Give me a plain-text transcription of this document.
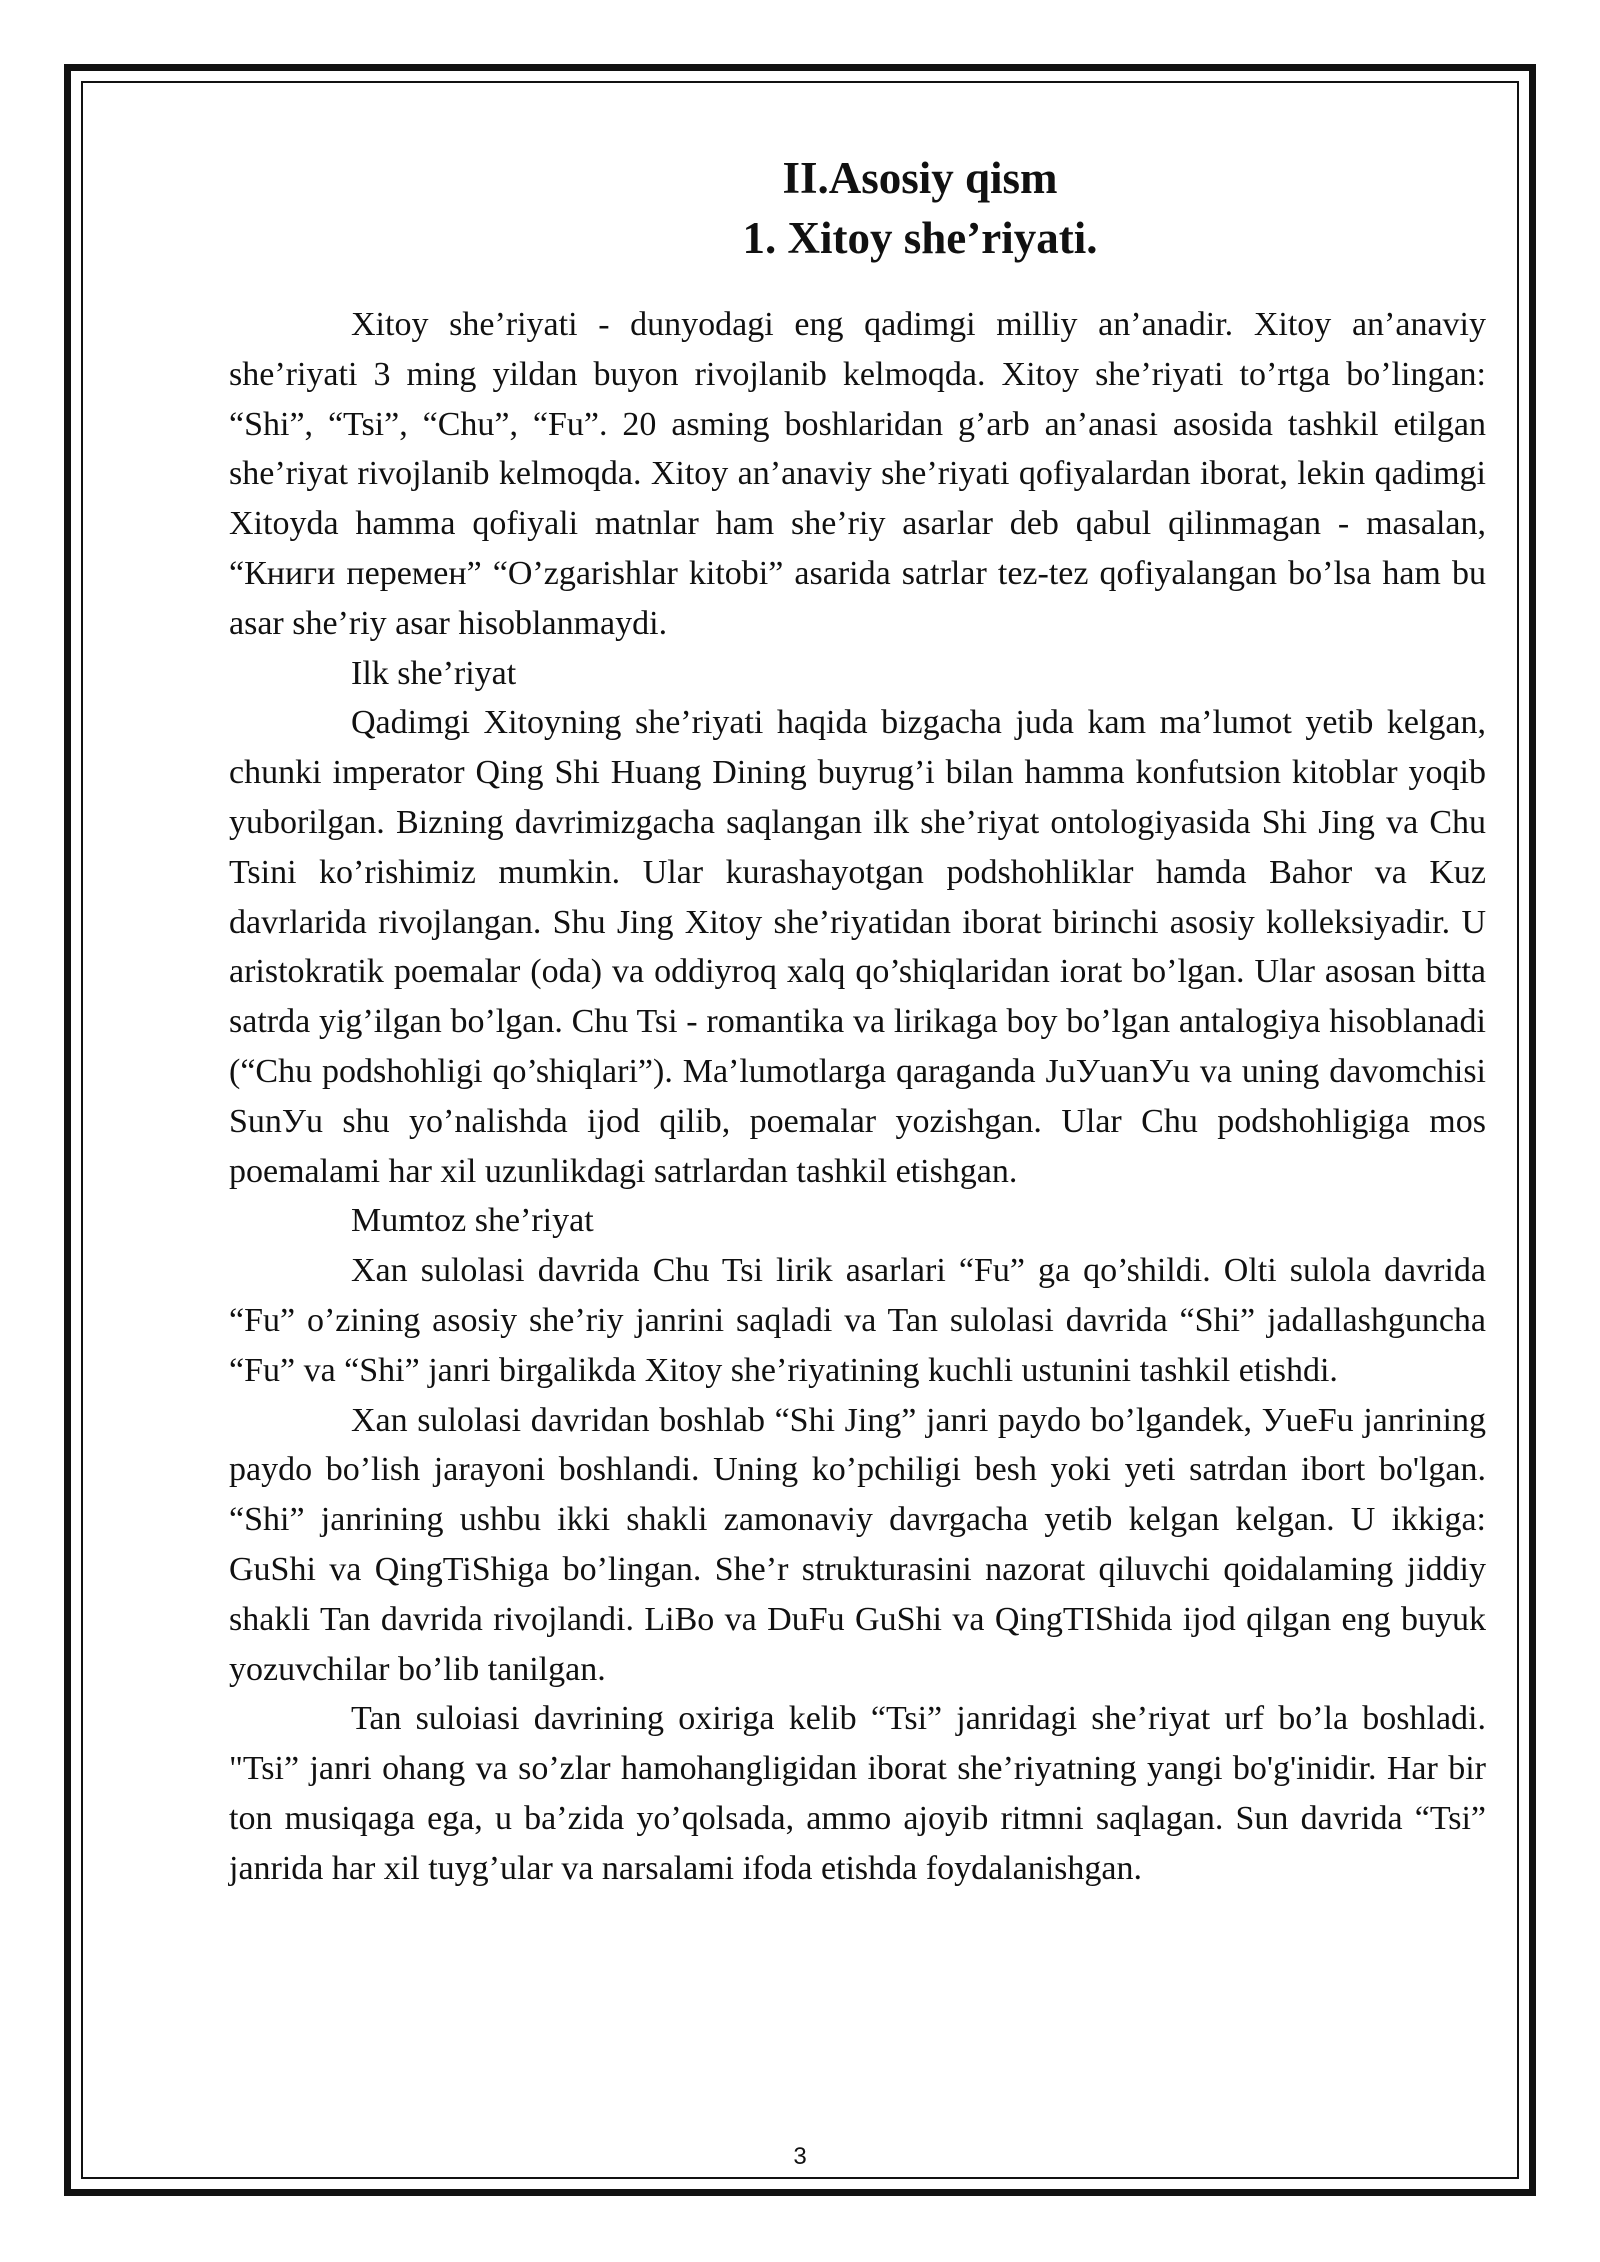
II.Asosiy qism
1. Xitoy she’riyati.

Xitoy she’riyati - dunyodagi eng qadimgi milliy an’anadir. Xitoy an’anaviy she’riyati 3 ming yildan buyon rivojlanib kelmoqda. Xitoy she’riyati to’rtga bo’lingan: “Shi”, “Tsi”, “Chu”, “Fu”. 20 asming boshlaridan g’arb an’anasi asosida tashkil etilgan she’riyat rivojlanib kelmoqda. Xitoy an’anaviy she’riyati qofiyalardan iborat, lekin qadimgi Xitoyda hamma qofiyali matnlar ham she’riy asarlar deb qabul qilinmagan - masalan, “Книги перемен” “O’zgarishlar kitobi” asarida satrlar tez-tez qofiyalangan bo’lsa ham bu asar she’riy asar hisoblanmaydi.

Ilk she’riyat

Qadimgi Xitoyning she’riyati haqida bizgacha juda kam ma’lumot yetib kelgan, chunki imperator Qing Shi Huang Dining buyrug’i bilan hamma konfutsion kitoblar yoqib yuborilgan. Bizning davrimizgacha saqlangan ilk she’riyat ontologiyasida Shi Jing va Chu Tsini ko’rishimiz mumkin. Ular kurashayotgan podshohliklar hamda Bahor va Kuz davrlarida rivojlangan. Shu Jing Xitoy she’riyatidan iborat birinchi asosiy kolleksiyadir. U aristokratik poemalar (oda) va oddiyroq xalq qo’shiqlaridan iorat bo’lgan. Ular asosan bitta satrda yig’ilgan bo’lgan. Chu Tsi - romantika va lirikaga boy bo’lgan antalogiya hisoblanadi (“Chu podshohligi qo’shiqlari”). Ma’lumotlarga qaraganda JuУuanУu va uning davomchisi SunУu shu yo’nalishda ijod qilib, poemalar yozishgan. Ular Chu podshohligiga mos poemalami har xil uzunlikdagi satrlardan tashkil etishgan.

Mumtoz she’riyat

Xan sulolasi davrida Chu Tsi lirik asarlari “Fu” ga qo’shildi. Olti sulola davrida “Fu” o’zining asosiy she’riy janrini saqladi va Tan sulolasi davrida “Shi” jadallashguncha “Fu” va “Shi” janri birgalikda Xitoy she’riyatining kuchli ustunini tashkil etishdi.

Xan sulolasi davridan boshlab “Shi Jing” janri paydo bo’lgandek, УueFu janrining paydo bo’lish jarayoni boshlandi. Uning ko’pchiligi besh yoki yeti satrdan ibort bo'lgan. “Shi” janrining ushbu ikki shakli zamonaviy davrgacha yetib kelgan kelgan. U ikkiga: GuShi va QingTiShiga bo’lingan. She’r strukturasini nazorat qiluvchi qoidalaming jiddiy shakli Tan davrida rivojlandi. LiBo va DuFu GuShi va QingTIShida ijod qilgan eng buyuk yozuvchilar bo’lib tanilgan.

Tan suloiasi davrining oxiriga kelib “Tsi” janridagi she’riyat urf bo’la boshladi. "Tsi” janri ohang va so’zlar hamohangligidan iborat she’riyatning yangi bo'g'inidir. Har bir ton musiqaga ega, u ba’zida yo’qolsada, ammo ajoyib ritmni saqlagan. Sun davrida “Tsi” janrida har xil tuyg’ular va narsalami ifoda etishda foydalanishgan.

3
